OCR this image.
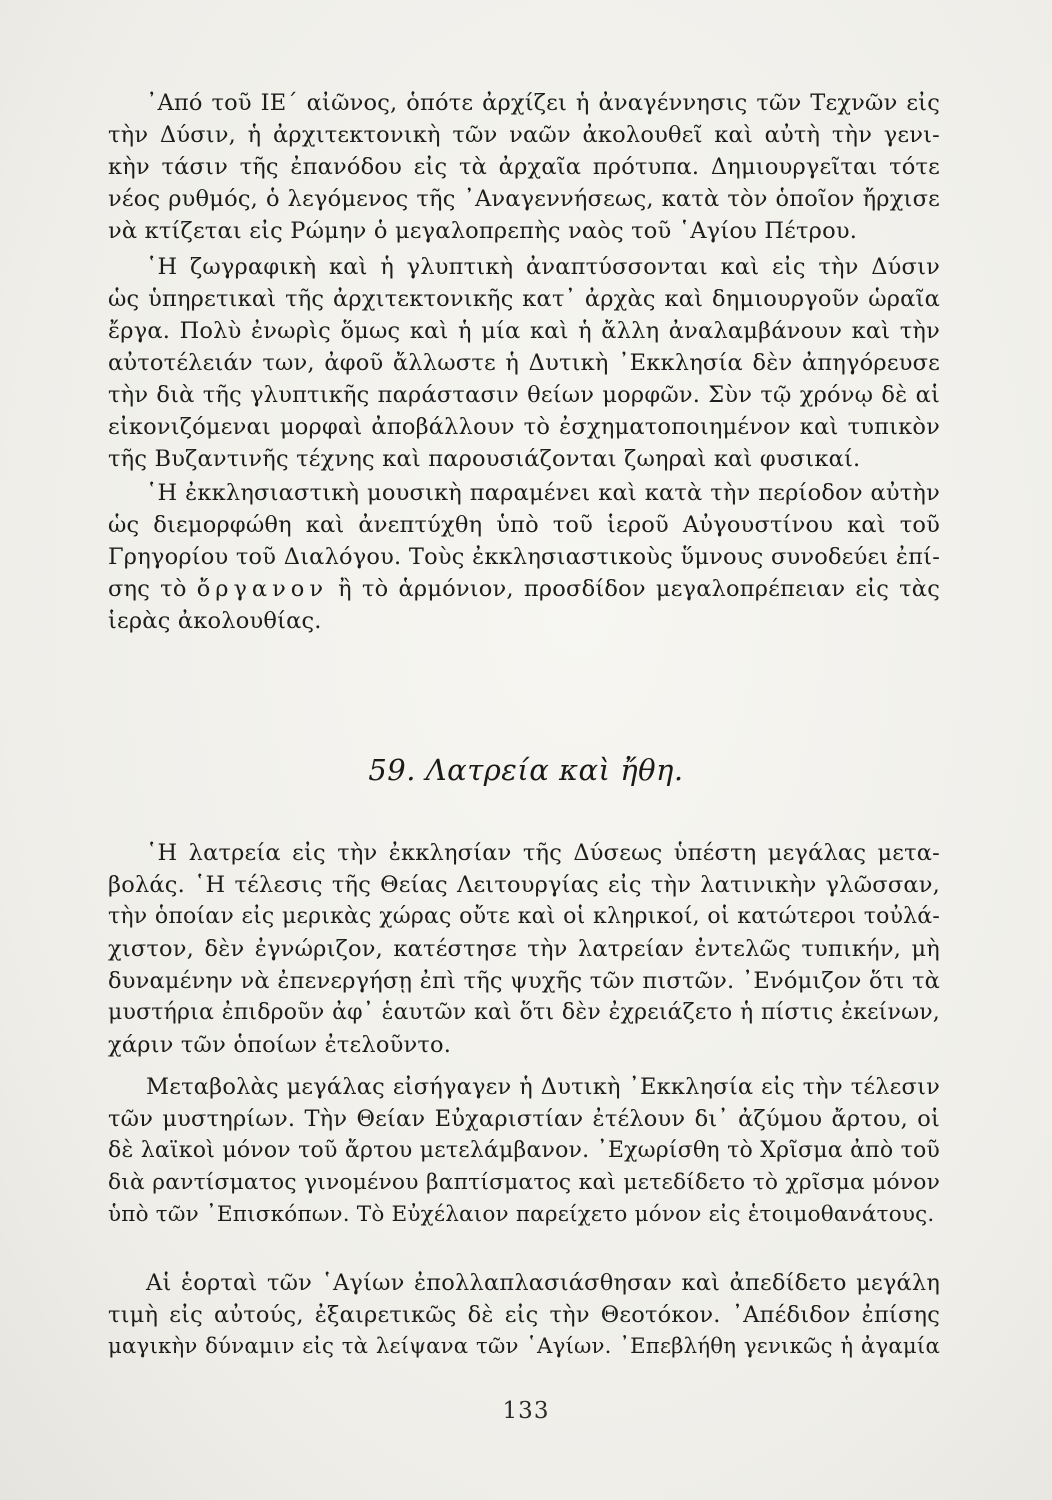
᾽Από τοῦ ΙΕ΄ αἰῶνος, ὁπότε ἀρχίζει ἡ ἀναγέννησις τῶν Τεχνῶν εἰς
τὴν Δύσιν, ἡ ἀρχιτεκτονικὴ τῶν ναῶν ἀκολουθεῖ καὶ αὐτὴ τὴν γενι-
κὴν τάσιν τῆς ἐπανόδου εἰς τὰ ἀρχαῖα πρότυπα. Δημιουργεῖται τότε
νέος ρυθμός, ὁ λεγόμενος τῆς ᾽Αναγεννήσεως, κατὰ τὸν ὁποῖον ἤρχισε
νὰ κτίζεται εἰς Ρώμην ὁ μεγαλοπρεπὴς ναὸς τοῦ ῾Αγίου Πέτρου.
῾Η ζωγραφικὴ καὶ ἡ γλυπτικὴ ἀναπτύσσονται καὶ εἰς τὴν Δύσιν
ὡς ὑπηρετικαὶ τῆς ἀρχιτεκτονικῆς κατ᾽ ἀρχὰς καὶ δημιουργοῦν ὡραῖα
ἔργα. Πολὺ ἐνωρὶς ὅμως καὶ ἡ μία καὶ ἡ ἄλλη ἀναλαμβάνουν καὶ τὴν
αὐτοτέλειάν των, ἀφοῦ ἄλλωστε ἡ Δυτικὴ ᾽Εκκλησία δὲν ἀπηγόρευσε
τὴν διὰ τῆς γλυπτικῆς παράστασιν θείων μορφῶν. Σὺν τῷ χρόνῳ δὲ αἱ
εἰκονιζόμεναι μορφαὶ ἀποβάλλουν τὸ ἐσχηματοποιημένον καὶ τυπικὸν
τῆς Βυζαντινῆς τέχνης καὶ παρουσιάζονται ζωηραὶ καὶ φυσικαί.
῾Η ἐκκλησιαστικὴ μουσικὴ παραμένει καὶ κατὰ τὴν περίοδον αὐτὴν
ὡς διεμορφώθη καὶ ἀνεπτύχθη ὑπὸ τοῦ ἱεροῦ Αὐγουστίνου καὶ τοῦ
Γρηγορίου τοῦ Διαλόγου. Τοὺς ἐκκλησιαστικοὺς ὕμνους συνοδεύει ἐπί-
σης τὸ ὄργανον ἢ τὸ ἁρμόνιον, προσδίδον μεγαλοπρέπειαν εἰς τὰς
ἱερὰς ἀκολουθίας.
59. Λατρεία καὶ ἤθη.
῾Η λατρεία εἰς τὴν ἐκκλησίαν τῆς Δύσεως ὑπέστη μεγάλας μετα-
βολάς. ῾Η τέλεσις τῆς Θείας Λειτουργίας εἰς τὴν λατινικὴν γλῶσσαν,
τὴν ὁποίαν εἰς μερικὰς χώρας οὔτε καὶ οἱ κληρικοί, οἱ κατώτεροι τοὐλά-
χιστον, δὲν ἐγνώριζον, κατέστησε τὴν λατρείαν ἐντελῶς τυπικήν, μὴ
δυναμένην νὰ ἐπενεργήσῃ ἐπὶ τῆς ψυχῆς τῶν πιστῶν. ᾽Ενόμιζον ὅτι τὰ
μυστήρια ἐπιδροῦν ἀφ᾽ ἑαυτῶν καὶ ὅτι δὲν ἐχρειάζετο ἡ πίστις ἐκείνων,
χάριν τῶν ὁποίων ἐτελοῦντο.
Μεταβολὰς μεγάλας εἰσήγαγεν ἡ Δυτικὴ ᾽Εκκλησία εἰς τὴν τέλεσιν
τῶν μυστηρίων. Τὴν Θείαν Εὐχαριστίαν ἐτέλουν δι᾽ ἀζύμου ἄρτου, οἱ
δὲ λαϊκοὶ μόνον τοῦ ἄρτου μετελάμβανον. ᾽Εχωρίσθη τὸ Χρῖσμα ἀπὸ τοῦ
διὰ ραντίσματος γινομένου βαπτίσματος καὶ μετεδίδετο τὸ χρῖσμα μόνον
ὑπὸ τῶν ᾽Επισκόπων. Τὸ Εὐχέλαιον παρείχετο μόνον εἰς ἑτοιμοθανάτους.
Αἱ ἑορταὶ τῶν ῾Αγίων ἐπολλαπλασιάσθησαν καὶ ἀπεδίδετο μεγάλη
τιμὴ εἰς αὐτούς, ἐξαιρετικῶς δὲ εἰς τὴν Θεοτόκον. ᾽Απέδιδον ἐπίσης
μαγικὴν δύναμιν εἰς τὰ λείψανα τῶν ῾Αγίων. ᾽Επεβλήθη γενικῶς ἡ ἀγαμία
133
